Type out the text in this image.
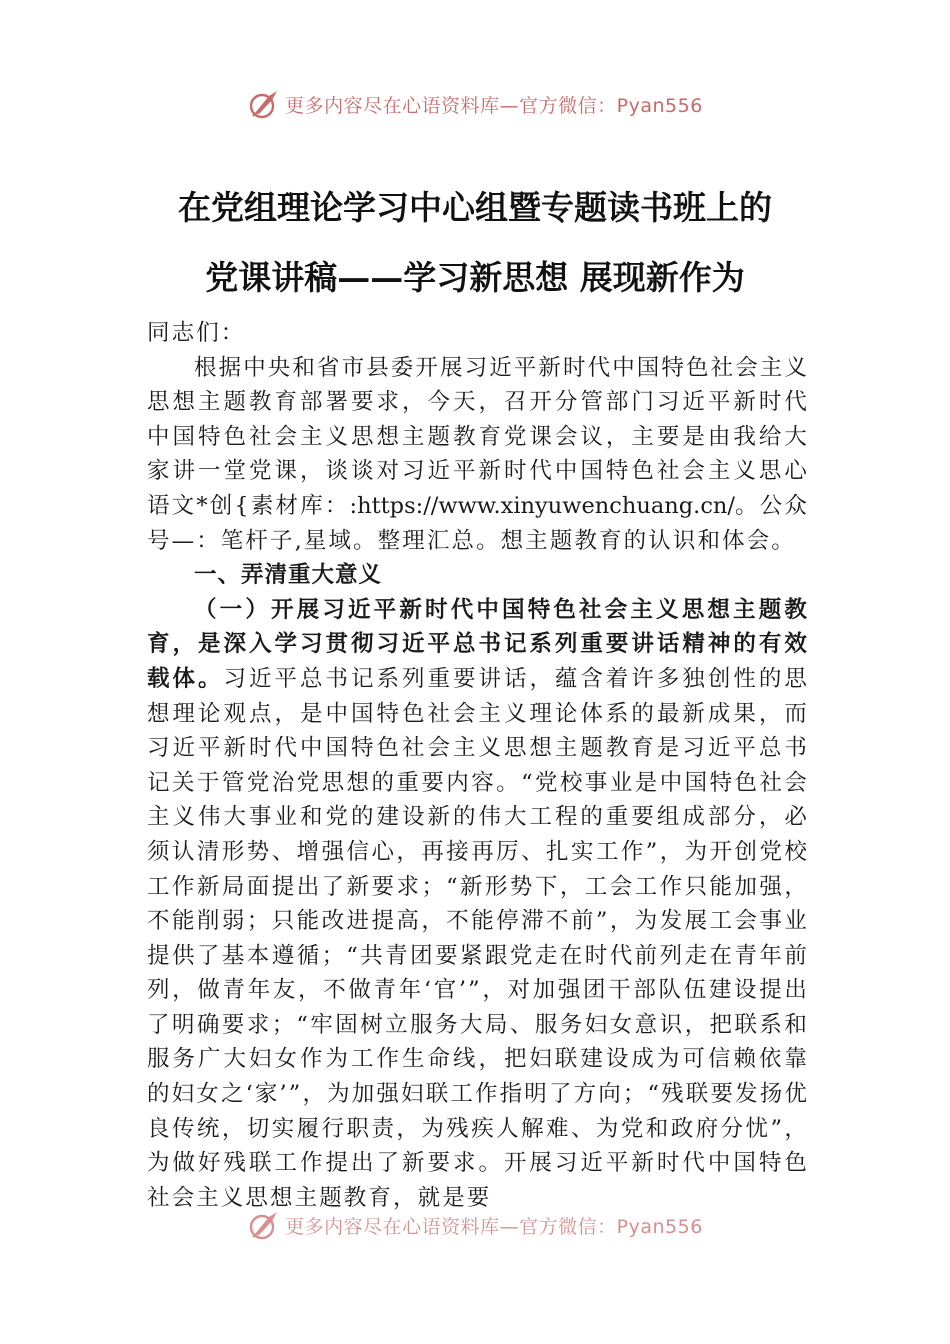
更多内容尽在心语资料库—官方微信：Pyan556
在党组理论学习中心组暨专题读书班上的
党课讲稿——学习新思想 展现新作为

同志们：

根据中央和省市县委开展习近平新时代中国特色社会主义思想主题教育部署要求，今天，召开分管部门习近平新时代中国特色社会主义思想主题教育党课会议，主要是由我给大家讲一堂党课，谈谈对习近平新时代中国特色社会主义思心语文*创{素材库：:https://www.xinyuwenchuang.cn/。公众号—：笔杆子,星域。整理汇总。想主题教育的认识和体会。

一、弄清重大意义

（一）开展习近平新时代中国特色社会主义思想主题教育，是深入学习贯彻习近平总书记系列重要讲话精神的有效载体。习近平总书记系列重要讲话，蕴含着许多独创性的思想理论观点，是中国特色社会主义理论体系的最新成果，而习近平新时代中国特色社会主义思想主题教育是习近平总书记关于管党治党思想的重要内容。“党校事业是中国特色社会主义伟大事业和党的建设新的伟大工程的重要组成部分，必须认清形势、增强信心，再接再厉、扎实工作”，为开创党校工作新局面提出了新要求；“新形势下，工会工作只能加强，不能削弱；只能改进提高，不能停滞不前”，为发展工会事业提供了基本遵循；“共青团要紧跟党走在时代前列走在青年前列，做青年友，不做青年‘官’”，对加强团干部队伍建设提出了明确要求；“牢固树立服务大局、服务妇女意识，把联系和服务广大妇女作为工作生命线，把妇联建设成为可信赖依靠的妇女之‘家’”，为加强妇联工作指明了方向；“残联要发扬优良传统，切实履行职责，为残疾人解难、为党和政府分忧”，为做好残联工作提出了新要求。开展习近平新时代中国特色社会主义思想主题教育，就是要

更多内容尽在心语资料库—官方微信：Pyan556
